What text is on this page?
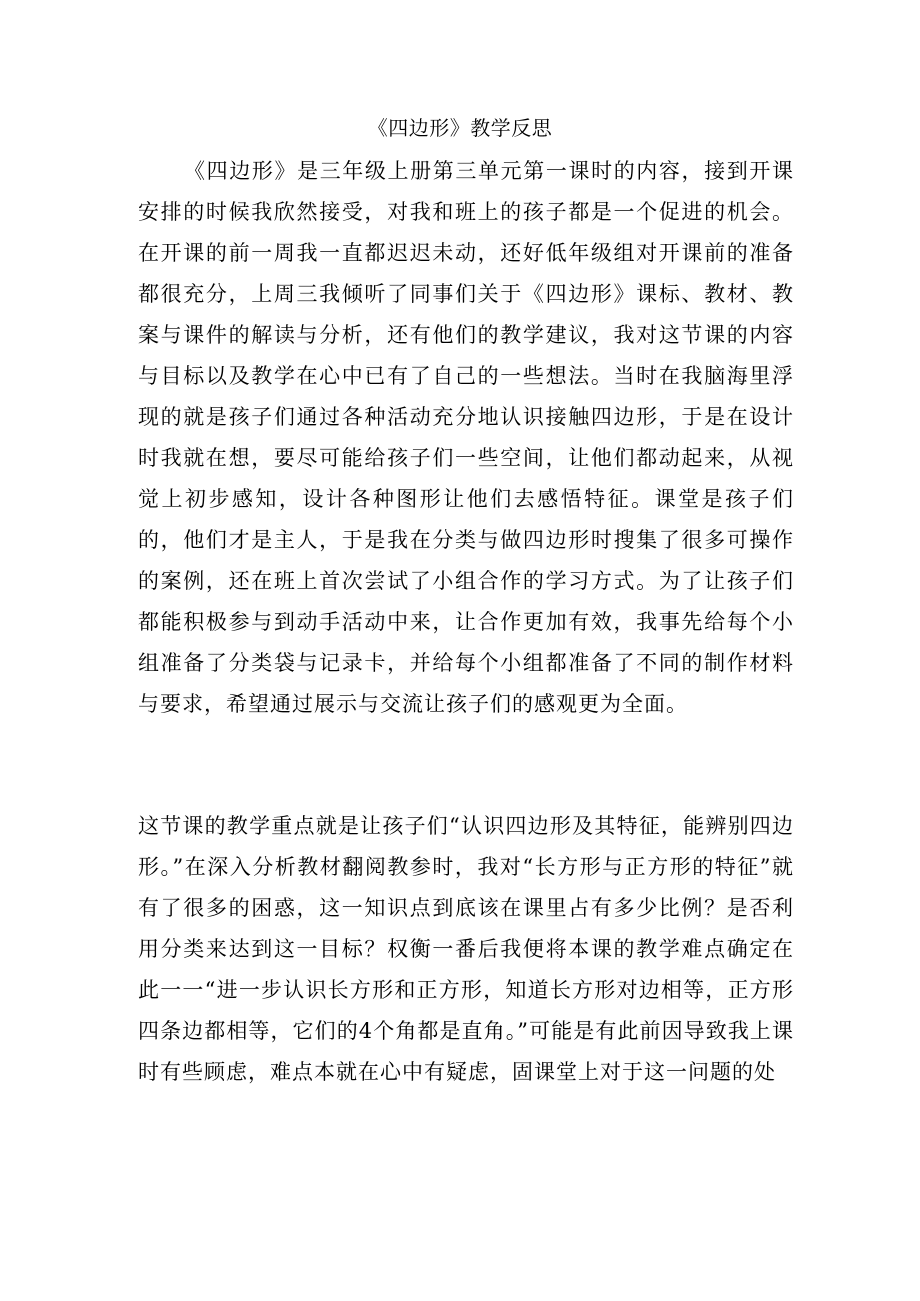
《四边形》教学反思

《四边形》是三年级上册第三单元第一课时的内容，接到开课安排的时候我欣然接受，对我和班上的孩子都是一个促进的机会。在开课的前一周我一直都迟迟未动，还好低年级组对开课前的准备都很充分，上周三我倾听了同事们关于《四边形》课标、教材、教案与课件的解读与分析，还有他们的教学建议，我对这节课的内容与目标以及教学在心中已有了自己的一些想法。当时在我脑海里浮现的就是孩子们通过各种活动充分地认识接触四边形，于是在设计时我就在想，要尽可能给孩子们一些空间，让他们都动起来，从视觉上初步感知，设计各种图形让他们去感悟特征。课堂是孩子们的，他们才是主人，于是我在分类与做四边形时搜集了很多可操作的案例，还在班上首次尝试了小组合作的学习方式。为了让孩子们都能积极参与到动手活动中来，让合作更加有效，我事先给每个小组准备了分类袋与记录卡，并给每个小组都准备了不同的制作材料与要求，希望通过展示与交流让孩子们的感观更为全面。

这节课的教学重点就是让孩子们“认识四边形及其特征，能辨别四边形。”在深入分析教材翻阅教参时，我对“长方形与正方形的特征”就有了很多的困惑，这一知识点到底该在课里占有多少比例？是否利用分类来达到这一目标？权衡一番后我便将本课的教学难点确定在此一一“进一步认识长方形和正方形，知道长方形对边相等，正方形四条边都相等，它们的4个角都是直角。”可能是有此前因导致我上课时有些顾虑，难点本就在心中有疑虑，固课堂上对于这一问题的处
